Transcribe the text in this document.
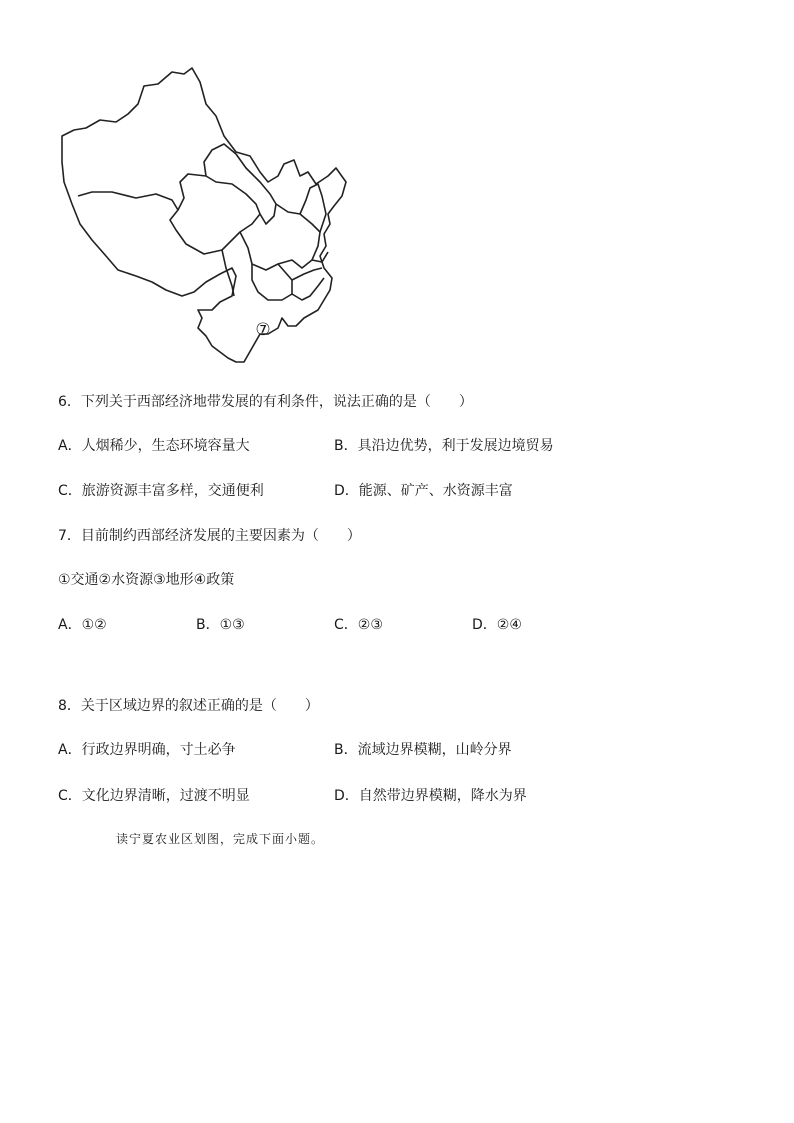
⑦
6．下列关于西部经济地带发展的有利条件，说法正确的是（　　）
A．人烟稀少，生态环境容量大	B．具沿边优势，利于发展边境贸易
C．旅游资源丰富多样，交通便利	D．能源、矿产、水资源丰富
7．目前制约西部经济发展的主要因素为（　　）
①交通②水资源③地形④政策
A．①②	B．①③	C．②③	D．②④
8．关于区域边界的叙述正确的是（　　）
A．行政边界明确，寸土必争	B．流域边界模糊，山岭分界
C．文化边界清晰，过渡不明显	D．自然带边界模糊，降水为界
读宁夏农业区划图，完成下面小题。
